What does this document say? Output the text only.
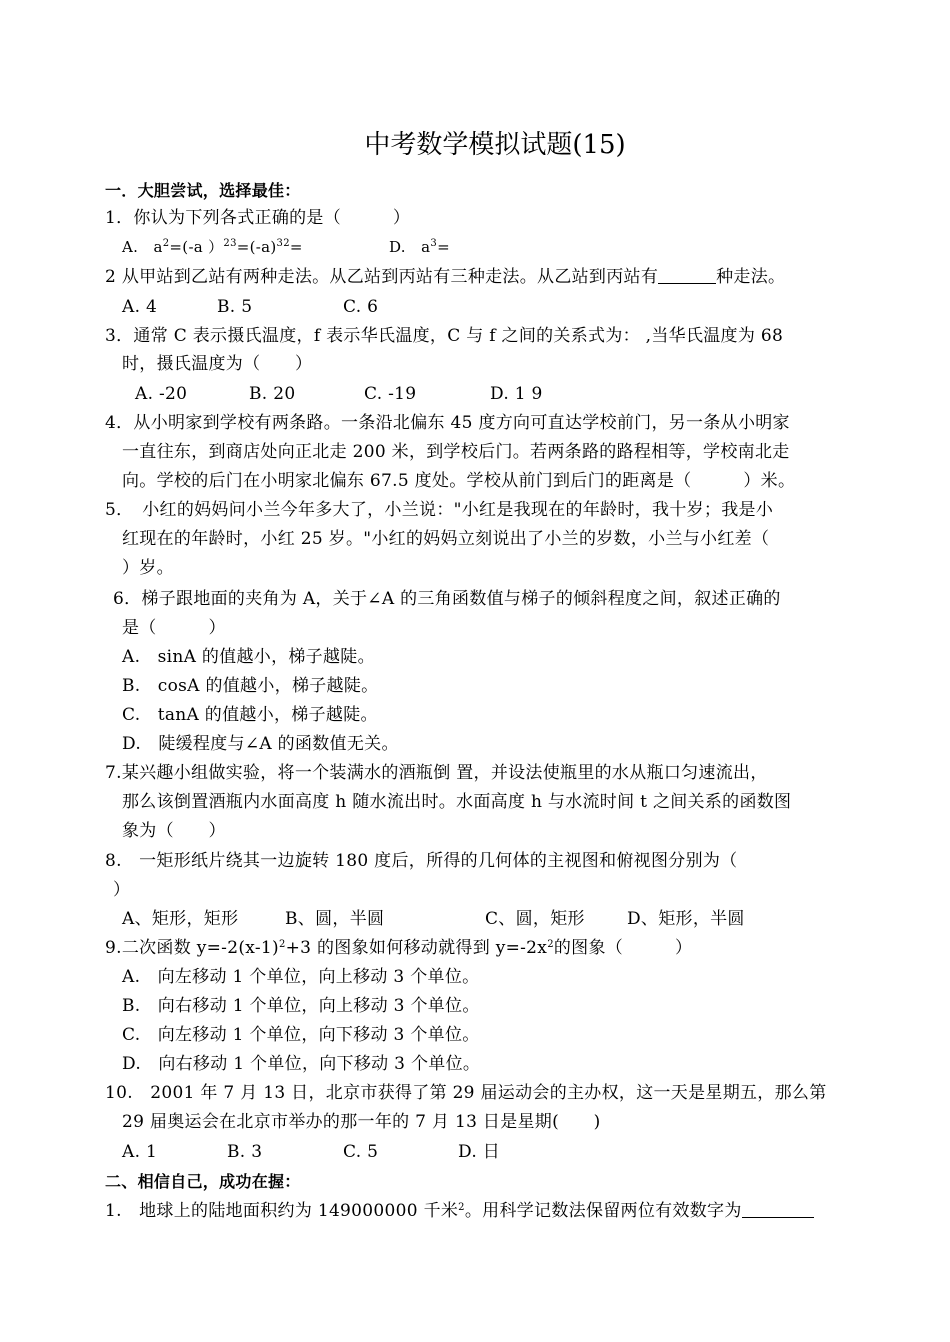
中考数学模拟试题(15)
一．大胆尝试，选择最佳：
1．你认为下列各式正确的是（　　　）
A.　$a^2=(-a$ ）$^{23}=(-a)^{32}=$	D.　$a^3=$
2 从甲站到乙站有两种走法。从乙站到丙站有三种走法。从乙站到丙站有	种走法。
A. 4	B. 5	C. 6
3．通常 C 表示摄氏温度，f 表示华氏温度，C 与 f 之间的关系式为： ,当华氏温度为 68
时，摄氏温度为（　　）
A. -20	B. 20	C. -19	D. 1 9
4．从小明家到学校有两条路。一条沿北偏东 45 度方向可直达学校前门，另一条从小明家
一直往东，到商店处向正北走 200 米，到学校后门。若两条路的路程相等，学校南北走
向。学校的后门在小明家北偏东 67.5 度处。学校从前门到后门的距离是（　　　）米。
5．　小红的妈妈问小兰今年多大了，小兰说："小红是我现在的年龄时，我十岁；我是小
红现在的年龄时，小红 25 岁。"小红的妈妈立刻说出了小兰的岁数，小兰与小红差（
）岁。
6．梯子跟地面的夹角为 A，关于∠A 的三角函数值与梯子的倾斜程度之间，叙述正确的
是（　　　）
A.　sinA 的值越小，梯子越陡。
B.　cosA 的值越小，梯子越陡。
C.　tanA 的值越小，梯子越陡。
D.　陡缓程度与∠A 的函数值无关。
7.某兴趣小组做实验，将一个装满水的酒瓶倒 置，并设法使瓶里的水从瓶口匀速流出，
那么该倒置酒瓶内水面高度 h 随水流出时。水面高度 h 与水流时间 t 之间关系的函数图
象为（　　）
8.　一矩形纸片绕其一边旋转 180 度后，所得的几何体的主视图和俯视图分别为（
）
A、矩形，矩形	B、圆，半圆	C、圆，矩形 D、矩形，半圆
9.二次函数 $y=-2(x-1)^2+3$ 的图象如何移动就得到 $y=-2x^2$的图象（　　　）
A.　向左移动 1 个单位，向上移动 3 个单位。
B.　向右移动 1 个单位，向上移动 3 个单位。
C.　向左移动 1 个单位，向下移动 3 个单位。
D.　向右移动 1 个单位，向下移动 3 个单位。
10.　2001 年 7 月 13 日，北京市获得了第 29 届运动会的主办权，这一天是星期五，那么第
29 届奥运会在北京市举办的那一年的 7 月 13 日是星期(　　)
A. 1	B. 3	C. 5	D. 日
二、相信自己，成功在握：
1.　地球上的陆地面积约为 149000000 千米$^2$。用科学记数法保留两位有效数字为
